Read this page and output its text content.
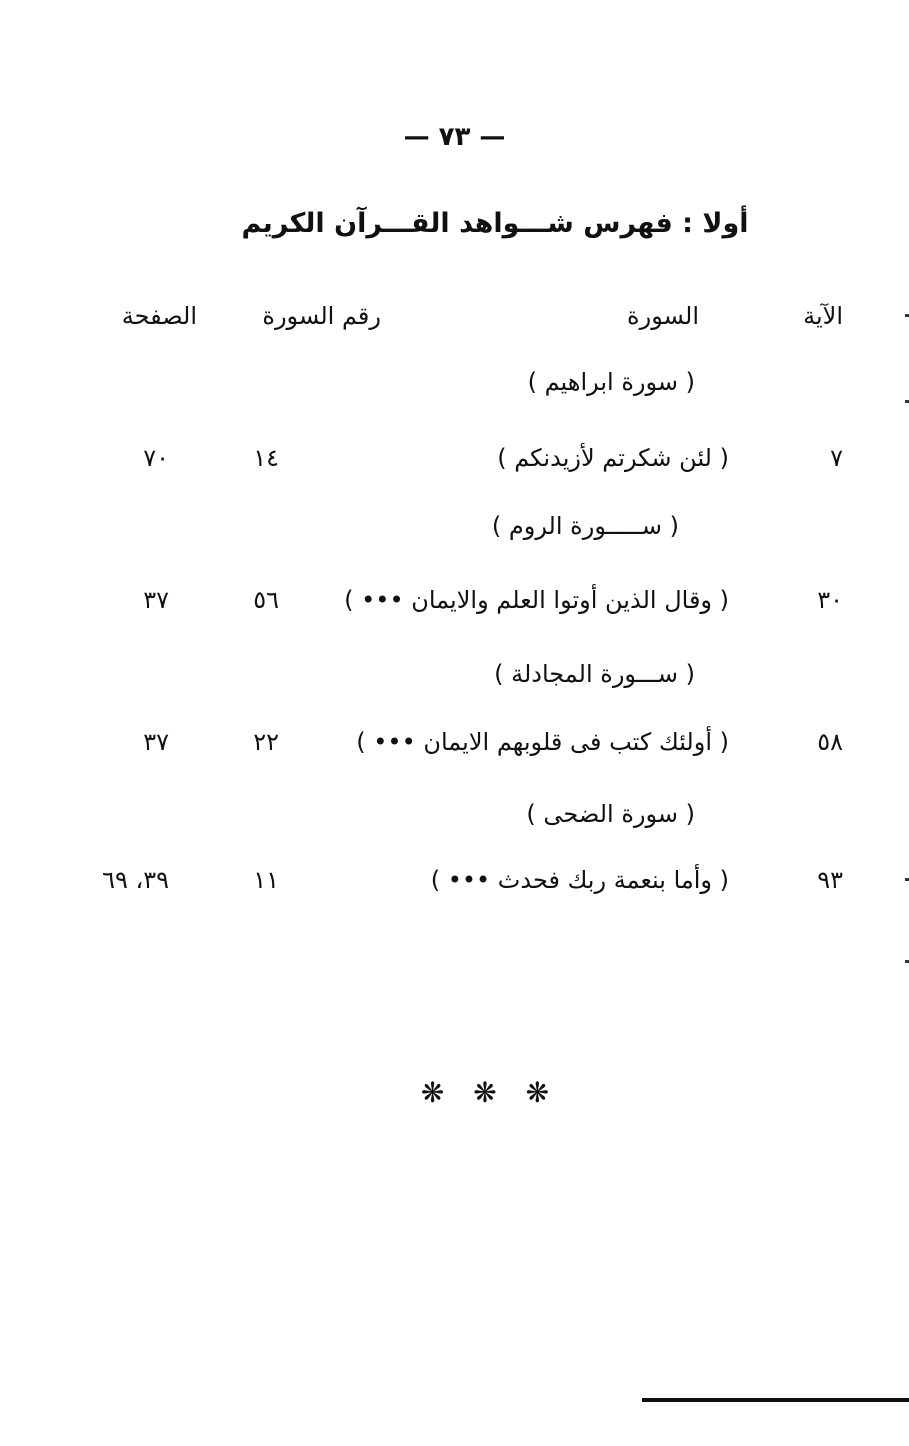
— ٧٣ —
أولا : فهرس شـــواهد القـــرآن الكريم
الآية
السورة
رقم السورة
الصفحة
( سورة ابراهيم )
٧
( لئن شكرتم لأزيدنكم )
١٤
٧٠
( ســـــورة الروم )
٣٠
( وقال الذين أوتوا العلم والايمان ••• )
٥٦
٣٧
( ســـورة المجادلة )
٥٨
( أولئك كتب فى قلوبهم الايمان ••• )
٢٢
٣٧
( سورة الضحى )
٩٣
( وأما بنعمة ربك فحدث ••• )
١١
٣٩، ٦٩
❋ ❋ ❋
